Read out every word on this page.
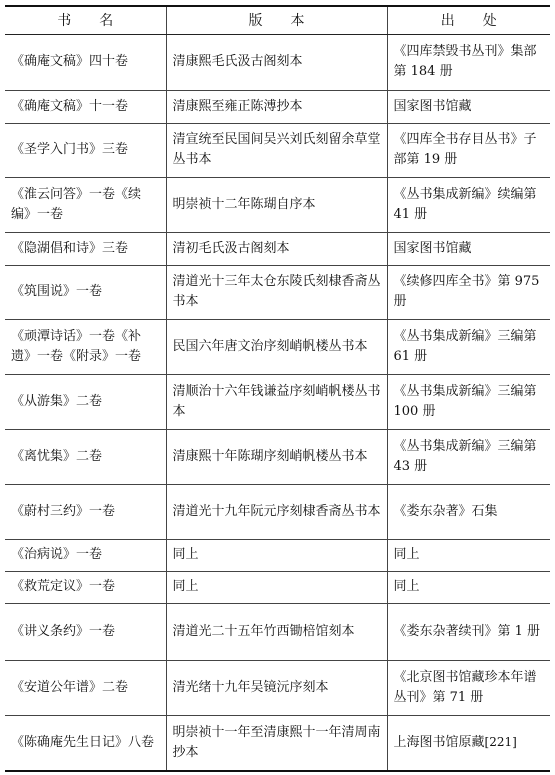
书　　名	版　　本	出　　处
《确庵文稿》四十卷	清康熙毛氏汲古阁刻本	《四库禁毁书丛刊》集部第 184 册
《确庵文稿》十一卷	清康熙至雍正陈溥抄本	国家图书馆藏
《圣学入门书》三卷	清宣统至民国间吴兴刘氏刻留余草堂丛书本	《四库全书存目丛书》子部第 19 册
《淮云问答》一卷《续编》一卷	明崇祯十二年陈瑚自序本	《丛书集成新编》续编第 41 册
《隐湖倡和诗》三卷	清初毛氏汲古阁刻本	国家图书馆藏
《筑围说》一卷	清道光十三年太仓东陵氏刻棣香斋丛书本	《续修四库全书》第 975 册
《顽潭诗话》一卷《补遗》一卷《附录》一卷	民国六年唐文治序刻峭帆楼丛书本	《丛书集成新编》三编第 61 册
《从游集》二卷	清顺治十六年钱谦益序刻峭帆楼丛书本	《丛书集成新编》三编第 100 册
《离忧集》二卷	清康熙十年陈瑚序刻峭帆楼丛书本	《丛书集成新编》三编第 43 册
《蔚村三约》一卷	清道光十九年阮元序刻棣香斋丛书本	《娄东杂著》石集
《治病说》一卷	同上	同上
《救荒定议》一卷	同上	同上
《讲义条约》一卷	清道光二十五年竹西锄棓馆刻本	《娄东杂著续刊》第 1 册
《安道公年谱》二卷	清光绪十九年吴镜沅序刻本	《北京图书馆藏珍本年谱丛刊》第 71 册
《陈确庵先生日记》八卷	明崇祯十一年至清康熙十一年清周南抄本	上海图书馆原藏[221]
